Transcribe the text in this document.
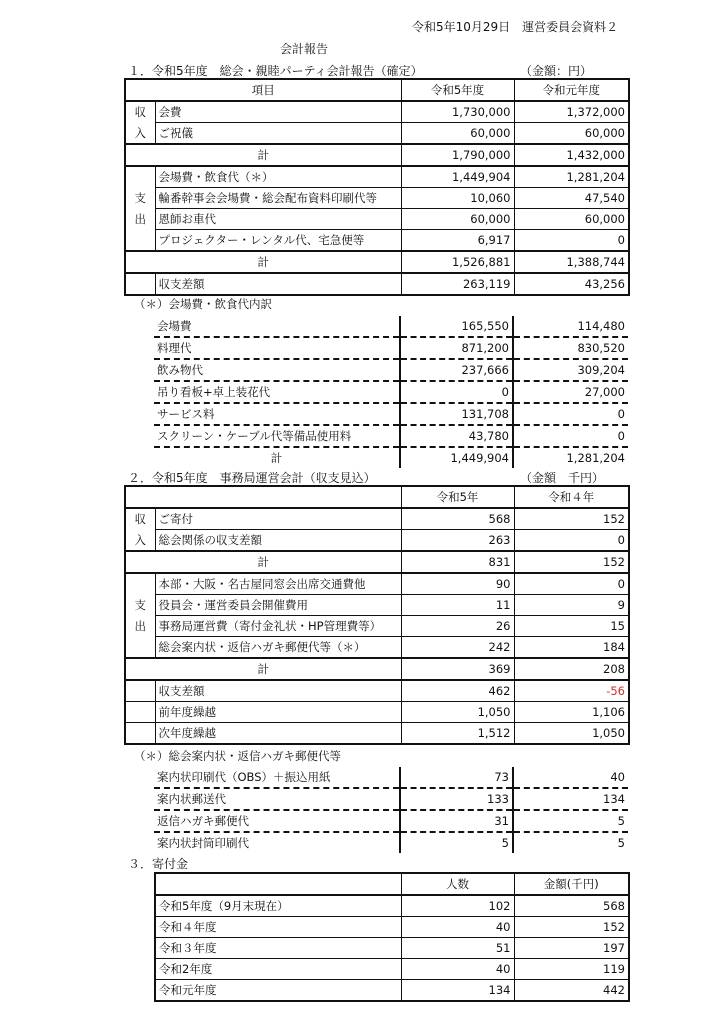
令和5年10月29日　運営委員会資料２
会計報告
１．令和5年度　総会・親睦パーティ会計報告（確定）	（金額：円）
項目		令和5年度	令和元年度
収	会費	1,730,000	1,372,000
入	ご祝儀	60,000	60,000
計		1,790,000	1,432,000
	会場費・飲食代（＊）	1,449,904	1,281,204
支	輪番幹事会会場費・総会配布資料印刷代等	10,060	47,540
出	恩師お車代	60,000	60,000
	プロジェクター・レンタル代、宅急便等	6,917	0
計		1,526,881	1,388,744
	収支差額	263,119	43,256
（＊）会場費・飲食代内訳
会場費	165,550	114,480
料理代	871,200	830,520
飲み物代	237,666	309,204
吊り看板+卓上装花代	0	27,000
サービス料	131,708	0
スクリーン・ケーブル代等備品使用料	43,780	0
計	1,449,904	1,281,204
２．令和5年度　事務局運営会計（収支見込）	（金額　千円）
		令和5年	令和４年
収	ご寄付	568	152
入	総会関係の収支差額	263	0
計		831	152
	本部・大阪・名古屋同窓会出席交通費他	90	0
支	役員会・運営委員会開催費用	11	9
出	事務局運営費（寄付金礼状・HP管理費等）	26	15
	総会案内状・返信ハガキ郵便代等（＊）	242	184
計		369	208
	収支差額	462	-56
	前年度繰越	1,050	1,106
	次年度繰越	1,512	1,050
（＊）総会案内状・返信ハガキ郵便代等
案内状印刷代（OBS）＋振込用紙	73	40
案内状郵送代	133	134
返信ハガキ郵便代	31	5
案内状封筒印刷代	5	5
３．寄付金
	人数	金額(千円)
令和5年度（9月末現在）	102	568
令和４年度	40	152
令和３年度	51	197
令和2年度	40	119
令和元年度	134	442
